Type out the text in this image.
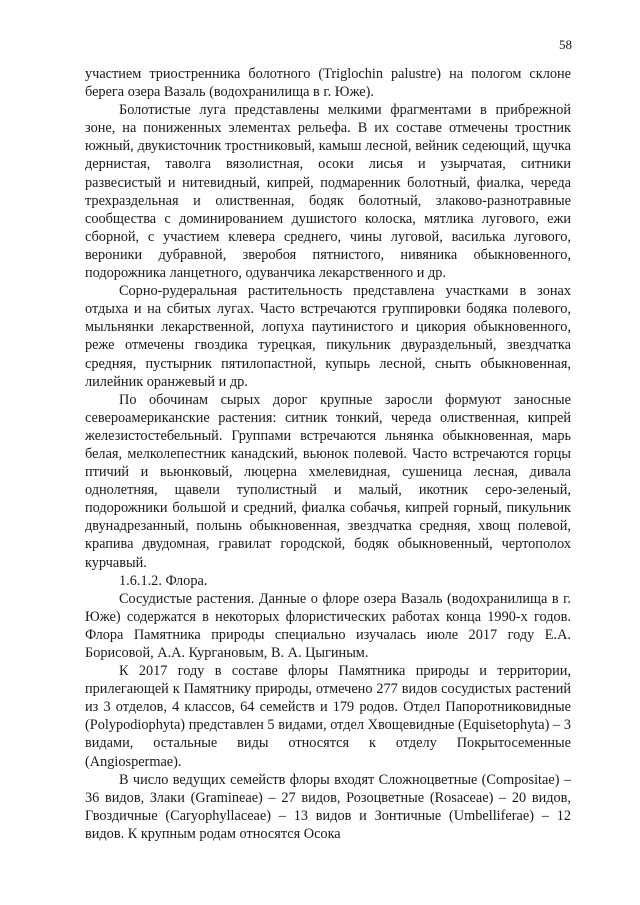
58

участием триостренника болотного (Triglochin palustre) на пологом склоне берега озера Вазаль (водохранилища в г. Юже).

Болотистые луга представлены мелкими фрагментами в прибрежной зоне, на пониженных элементах рельефа. В их составе отмечены тростник южный, двукисточник тростниковый, камыш лесной, вейник седеющий, щучка дернистая, таволга вязолистная, осоки лисья и узырчатая, ситники развесистый и нитевидный, кипрей, подмаренник болотный, фиалка, череда трехраздельная и олиственная, бодяк болотный, злаково-разнотравные сообщества с доминированием душистого колоска, мятлика лугового, ежи сборной, с участием клевера среднего, чины луговой, василька лугового, вероники дубравной, зверобоя пятнистого, нивяника обыкновенного, подорожника ланцетного, одуванчика лекарственного и др.

Сорно-рудеральная растительность представлена участками в зонах отдыха и на сбитых лугах. Часто встречаются группировки бодяка полевого, мыльнянки лекарственной, лопуха паутинистого и цикория обыкновенного, реже отмечены гвоздика турецкая, пикульник двураздельный, звездчатка средняя, пустырник пятилопастной, купырь лесной, сныть обыкновенная, лилейник оранжевый и др.

По обочинам сырых дорог крупные заросли формуют заносные североамериканские растения: ситник тонкий, череда олиственная, кипрей железистостебельный. Группами встречаются льнянка обыкновенная, марь белая, мелколепестник канадский, вьюнок полевой. Часто встречаются горцы птичий и вьюнковый, люцерна хмелевидная, сушеница лесная, дивала однолетняя, щавели туполистный и малый, икотник серо-зеленый, подорожники большой и средний, фиалка собачья, кипрей горный, пикульник двунадрезанный, полынь обыкновенная, звездчатка средняя, хвощ полевой, крапива двудомная, гравилат городской, бодяк обыкновенный, чертополох курчавый.

1.6.1.2. Флора.

Сосудистые растения. Данные о флоре озера Вазаль (водохранилища в г. Юже) содержатся в некоторых флористических работах конца 1990-х годов. Флора Памятника природы специально изучалась июле 2017 году Е.А. Борисовой, А.А. Кургановым, В. А. Цыгиным.

К 2017 году в составе флоры Памятника природы и территории, прилегающей к Памятнику природы, отмечено 277 видов сосудистых растений из 3 отделов, 4 классов, 64 семейств и 179 родов. Отдел Папоротниковидные (Polypodiophyta) представлен 5 видами, отдел Хвощевидные (Equisetophyta) – 3 видами, остальные виды относятся к отделу Покрытосеменные (Angiospermae).

В число ведущих семейств флоры входят Сложноцветные (Compositae) – 36 видов, Злаки (Gramineae) – 27 видов, Розоцветные (Rosaceae) – 20 видов, Гвоздичные (Caryophyllaceae) – 13 видов и Зонтичные (Umbelliferae) – 12 видов. К крупным родам относятся Осока
